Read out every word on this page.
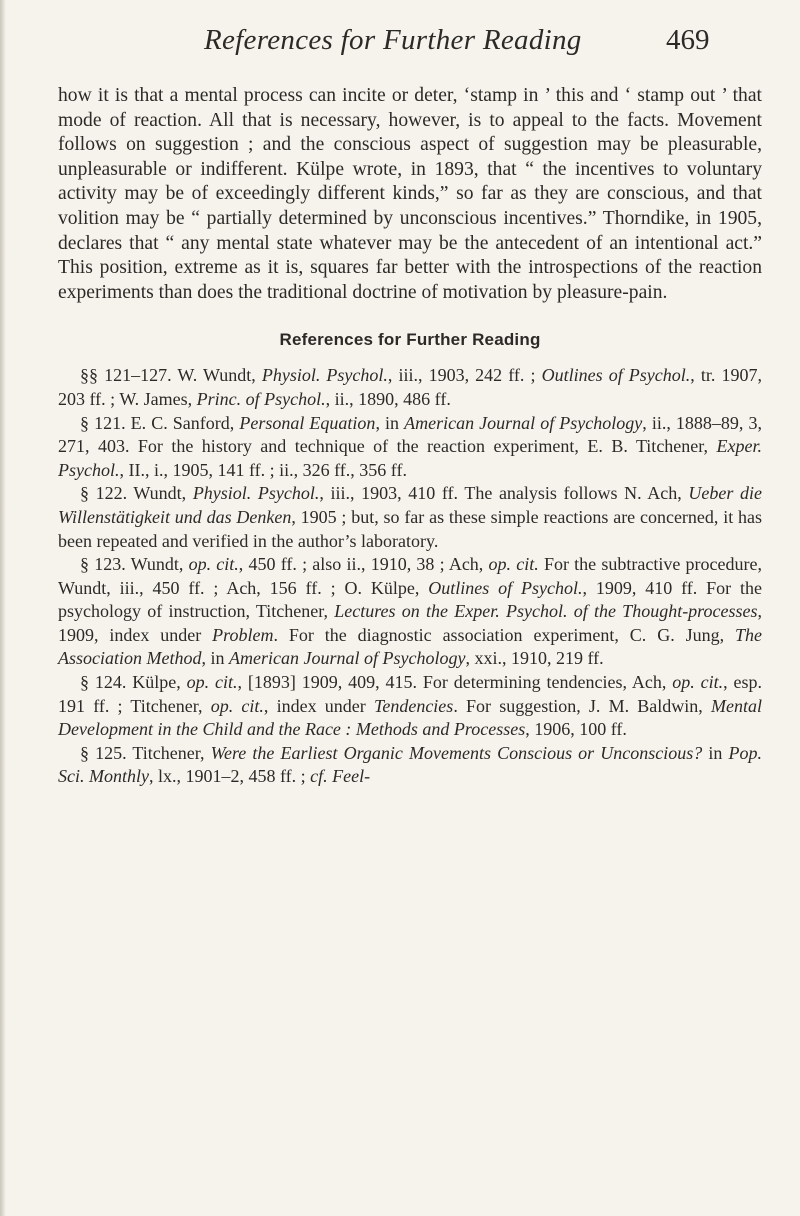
References for Further Reading	469

how it is that a mental process can incite or deter, ‘stamp in ’ this and ‘ stamp out ’ that mode of reaction. All that is necessary, however, is to appeal to the facts. Movement follows on suggestion ; and the conscious aspect of suggestion may be pleasurable, unpleasurable or indifferent. Külpe wrote, in 1893, that “ the incentives to voluntary activity may be of exceedingly different kinds,” so far as they are conscious, and that volition may be “ partially determined by unconscious incentives.” Thorndike, in 1905, declares that “ any mental state whatever may be the antecedent of an intentional act.” This position, extreme as it is, squares far better with the introspections of the reaction experiments than does the traditional doctrine of motivation by pleasure-pain.

References for Further Reading

§§ 121–127. W. Wundt, Physiol. Psychol., iii., 1903, 242 ff. ; Outlines of Psychol., tr. 1907, 203 ff. ; W. James, Princ. of Psychol., ii., 1890, 486 ff.

§ 121. E. C. Sanford, Personal Equation, in American Journal of Psychology, ii., 1888–89, 3, 271, 403. For the history and technique of the reaction experiment, E. B. Titchener, Exper. Psychol., II., i., 1905, 141 ff. ; ii., 326 ff., 356 ff.

§ 122. Wundt, Physiol. Psychol., iii., 1903, 410 ff. The analysis follows N. Ach, Ueber die Willenstätigkeit und das Denken, 1905 ; but, so far as these simple reactions are concerned, it has been repeated and verified in the author’s laboratory.

§ 123. Wundt, op. cit., 450 ff. ; also ii., 1910, 38 ; Ach, op. cit. For the subtractive procedure, Wundt, iii., 450 ff. ; Ach, 156 ff. ; O. Külpe, Outlines of Psychol., 1909, 410 ff. For the psychology of instruction, Titchener, Lectures on the Exper. Psychol. of the Thought-processes, 1909, index under Problem. For the diagnostic association experiment, C. G. Jung, The Association Method, in American Journal of Psychology, xxi., 1910, 219 ff.

§ 124. Külpe, op. cit., [1893] 1909, 409, 415. For determining tendencies, Ach, op. cit., esp. 191 ff. ; Titchener, op. cit., index under Tendencies. For suggestion, J. M. Baldwin, Mental Development in the Child and the Race : Methods and Processes, 1906, 100 ff.

§ 125. Titchener, Were the Earliest Organic Movements Conscious or Unconscious? in Pop. Sci. Monthly, lx., 1901–2, 458 ff. ; cf. Feel-
